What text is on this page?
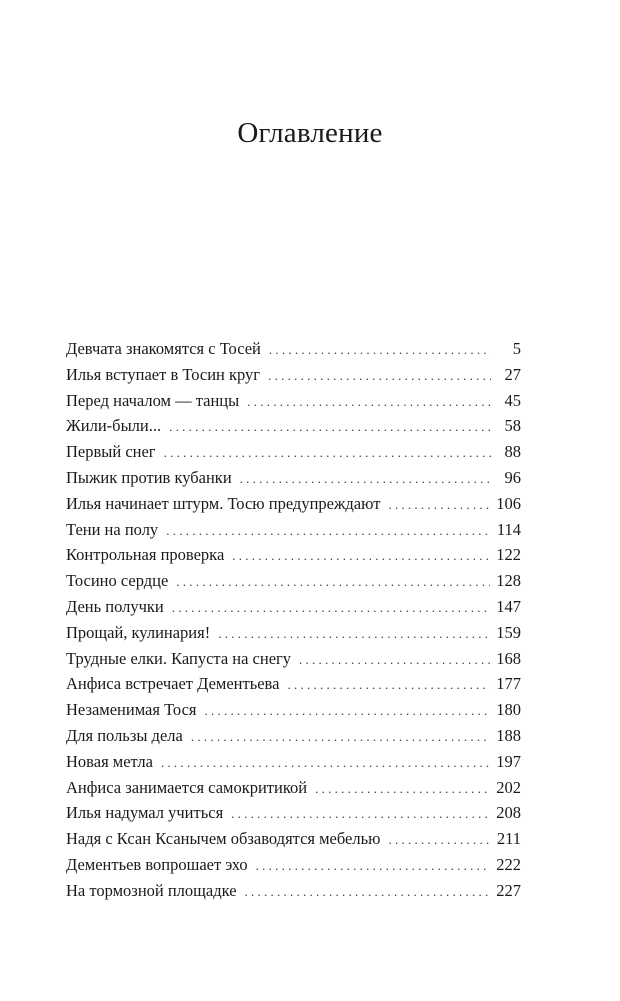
Оглавление
Девчата знакомятся с Тосей . . .	5
Илья вступает в Тосин круг . . .	27
Перед началом — танцы . . .	45
Жили-были... . . .	58
Первый снег . . .	88
Пыжик против кубанки . . .	96
Илья начинает штурм. Тосю предупреждают . . .	106
Тени на полу . . .	114
Контрольная проверка . . .	122
Тосино сердце . . .	128
День получки . . .	147
Прощай, кулинария! . . .	159
Трудные елки. Капуста на снегу . . .	168
Анфиса встречает Дементьева . . .	177
Незаменимая Тося . . .	180
Для пользы дела . . .	188
Новая метла . . .	197
Анфиса занимается самокритикой . . .	202
Илья надумал учиться . . .	208
Надя с Ксан Ксанычем обзаводятся мебелью . . .	211
Дементьев вопрошает эхо . . .	222
На тормозной площадке . . .	227
